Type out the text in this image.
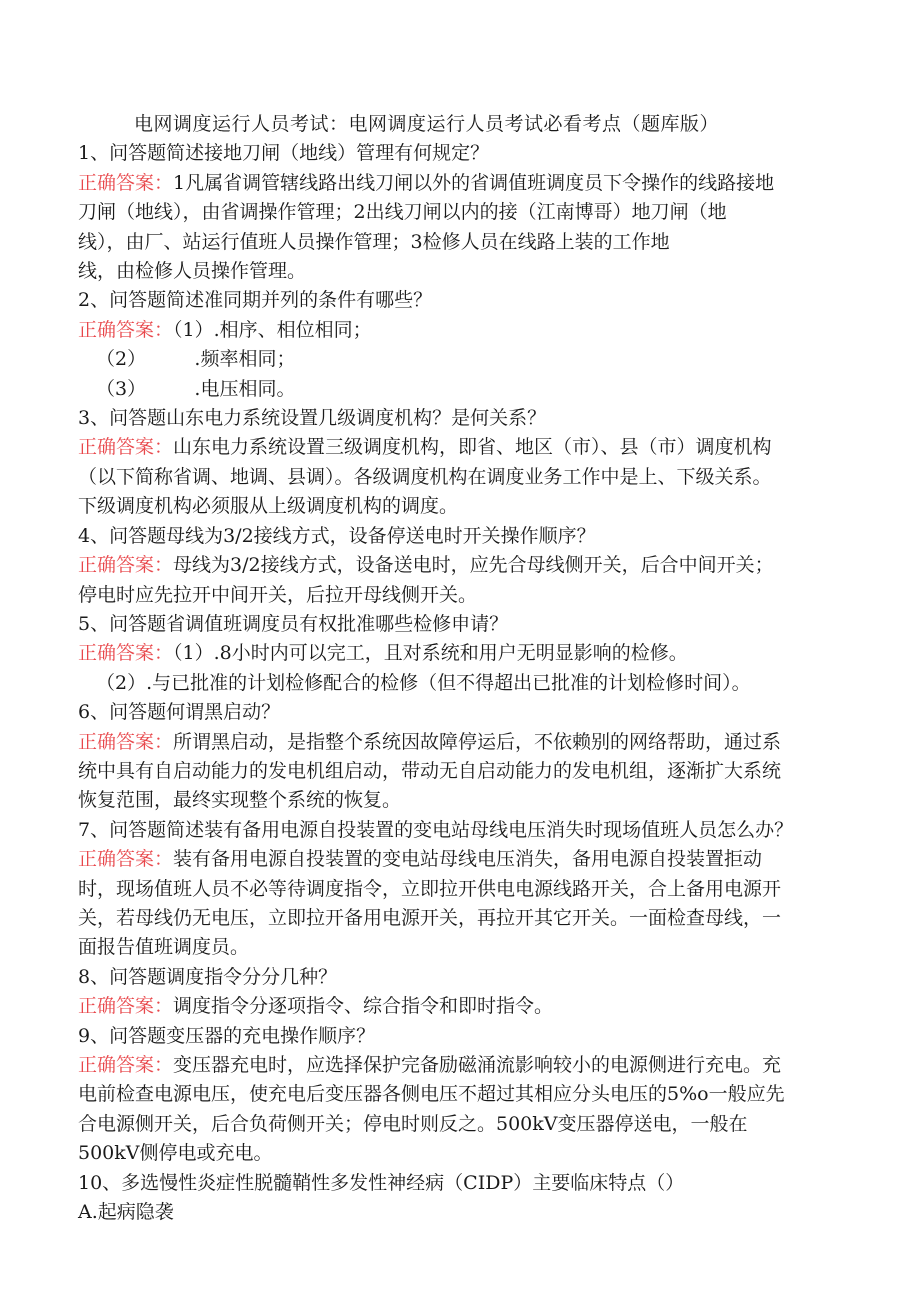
电网调度运行人员考试：电网调度运行人员考试必看考点（题库版）

1、问答题简述接地刀闸（地线）管理有何规定？

正确答案：1凡属省调管辖线路出线刀闸以外的省调值班调度员下令操作的线路接地

刀闸（地线），由省调操作管理；2出线刀闸以内的接（江南博哥）地刀闸（地

线），由厂、站运行值班人员操作管理；3检修人员在线路上装的工作地

线，由检修人员操作管理。

2、问答题简述准同期并列的条件有哪些？

正确答案：（1）.相序、相位相同；

（2）        .频率相同；

（3）        .电压相同。

3、问答题山东电力系统设置几级调度机构？是何关系？

正确答案：山东电力系统设置三级调度机构，即省、地区（市）、县（市）调度机构

（以下简称省调、地调、县调）。各级调度机构在调度业务工作中是上、下级关系。

下级调度机构必须服从上级调度机构的调度。

4、问答题母线为3/2接线方式，设备停送电时开关操作顺序？

正确答案：母线为3/2接线方式，设备送电时，应先合母线侧开关，后合中间开关；

停电时应先拉开中间开关，后拉开母线侧开关。

5、问答题省调值班调度员有权批准哪些检修申请？

正确答案：（1）.8小时内可以完工，且对系统和用户无明显影响的检修。

（2）.与已批准的计划检修配合的检修（但不得超出已批准的计划检修时间）。

6、问答题何谓黑启动？

正确答案：所谓黑启动，是指整个系统因故障停运后，不依赖别的网络帮助，通过系

统中具有自启动能力的发电机组启动，带动无自启动能力的发电机组，逐渐扩大系统

恢复范围，最终实现整个系统的恢复。

7、问答题简述装有备用电源自投装置的变电站母线电压消失时现场值班人员怎么办？

正确答案：装有备用电源自投装置的变电站母线电压消失，备用电源自投装置拒动

时，现场值班人员不必等待调度指令，立即拉开供电电源线路开关，合上备用电源开

关，若母线仍无电压，立即拉开备用电源开关，再拉开其它开关。一面检查母线，一

面报告值班调度员。

8、问答题调度指令分分几种？

正确答案：调度指令分逐项指令、综合指令和即时指令。

9、问答题变压器的充电操作顺序？

正确答案：变压器充电时，应选择保护完备励磁涌流影响较小的电源侧进行充电。充

电前检查电源电压，使充电后变压器各侧电压不超过其相应分头电压的5%o一般应先

合电源侧开关，后合负荷侧开关；停电时则反之。500kV变压器停送电，一般在

500kV侧停电或充电。

10、多选慢性炎症性脱髓鞘性多发性神经病（CIDP）主要临床特点（）

A.起病隐袭
